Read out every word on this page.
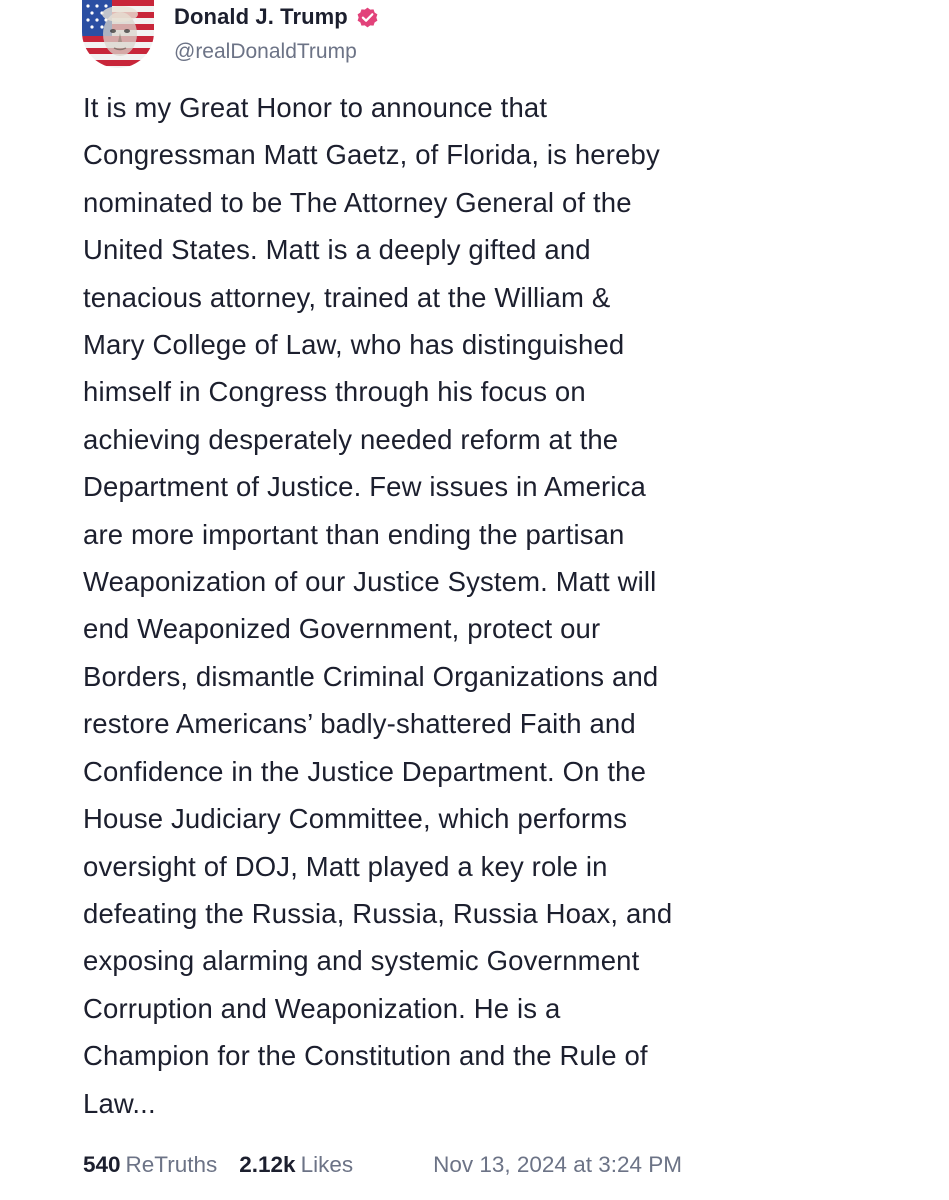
Donald J. Trump
@realDonaldTrump
It is my Great Honor to announce that
Congressman Matt Gaetz, of Florida, is hereby
nominated to be The Attorney General of the
United States. Matt is a deeply gifted and
tenacious attorney, trained at the William &
Mary College of Law, who has distinguished
himself in Congress through his focus on
achieving desperately needed reform at the
Department of Justice. Few issues in America
are more important than ending the partisan
Weaponization of our Justice System. Matt will
end Weaponized Government, protect our
Borders, dismantle Criminal Organizations and
restore Americans’ badly-shattered Faith and
Confidence in the Justice Department. On the
House Judiciary Committee, which performs
oversight of DOJ, Matt played a key role in
defeating the Russia, Russia, Russia Hoax, and
exposing alarming and systemic Government
Corruption and Weaponization. He is a
Champion for the Constitution and the Rule of
Law...
540 ReTruths 2.12k Likes	Nov 13, 2024 at 3:24 PM
